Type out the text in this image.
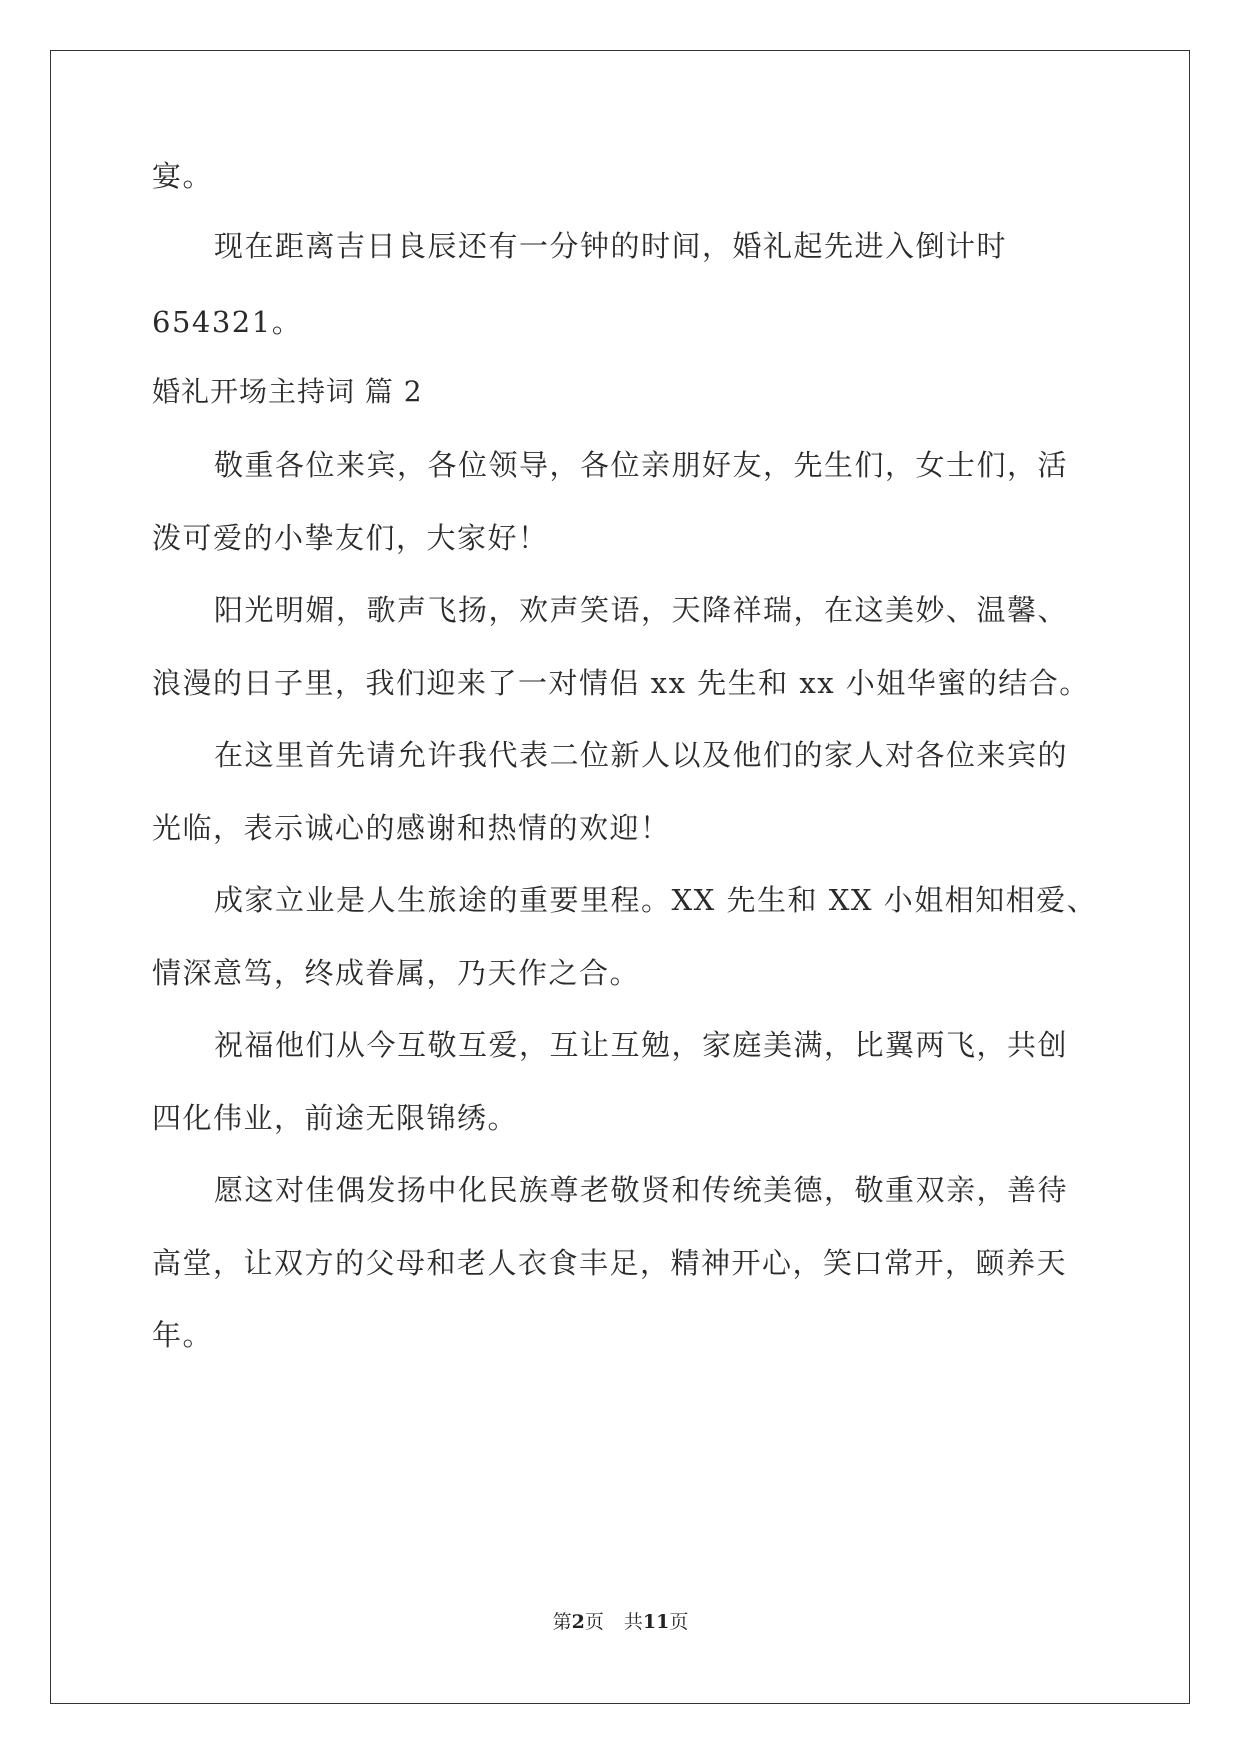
宴。

现在距离吉日良辰还有一分钟的时间，婚礼起先进入倒计时

654321。

婚礼开场主持词 篇 2

敬重各位来宾，各位领导，各位亲朋好友，先生们，女士们，活

泼可爱的小挚友们，大家好！

阳光明媚，歌声飞扬，欢声笑语，天降祥瑞，在这美妙、温馨、

浪漫的日子里，我们迎来了一对情侣 xx 先生和 xx 小姐华蜜的结合。

在这里首先请允许我代表二位新人以及他们的家人对各位来宾的

光临，表示诚心的感谢和热情的欢迎！

成家立业是人生旅途的重要里程。XX 先生和 XX 小姐相知相爱、

情深意笃，终成眷属，乃天作之合。

祝福他们从今互敬互爱，互让互勉，家庭美满，比翼两飞，共创

四化伟业，前途无限锦绣。

愿这对佳偶发扬中化民族尊老敬贤和传统美德，敬重双亲，善待

高堂，让双方的父母和老人衣食丰足，精神开心，笑口常开，颐养天

年。

第2页 共11页
